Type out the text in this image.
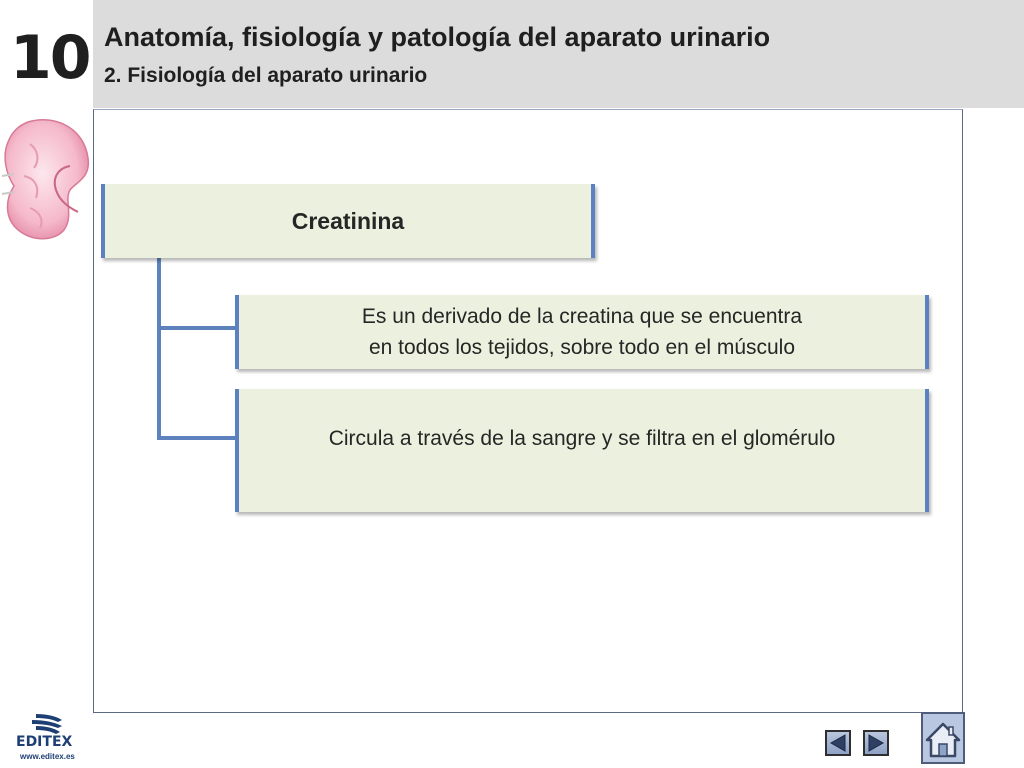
10 Anatomía, fisiología y patología del aparato urinario
2. Fisiología del aparato urinario
Creatinina
Es un derivado de la creatina que se encuentra
en todos los tejidos, sobre todo en el músculo
Circula a través de la sangre y se filtra en el glomérulo
EDITEX
www.editex.es
